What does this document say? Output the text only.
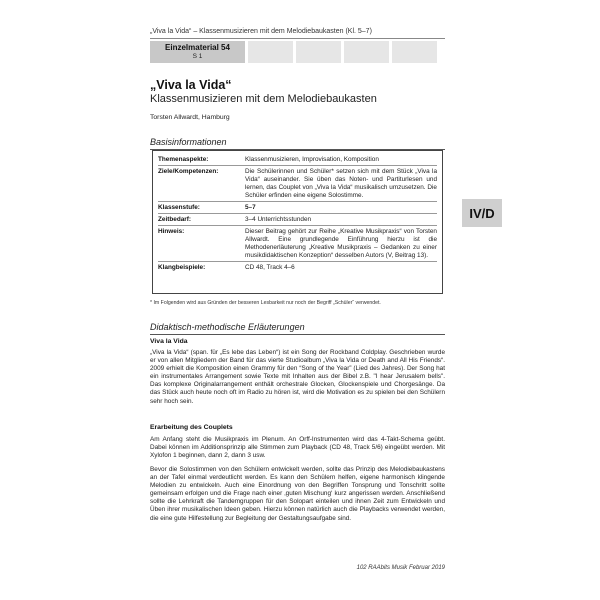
„Viva la Vida“ – Klassenmusizieren mit dem Melodiebaukasten (Kl. 5–7)
Einzelmaterial 54
S 1
„Viva la Vida“
Klassenmusizieren mit dem Melodiebaukasten
Torsten Allwardt, Hamburg
Basisinformationen
Themenaspekte:	Klassenmusizieren, Improvisation, Komposition
Ziele/Kompetenzen:	Die Schülerinnen und Schüler* setzen sich mit dem Stück „Viva la Vida“ auseinander. Sie üben das Noten- und Partiturlesen und lernen, das Couplet von „Viva la Vida“ musikalisch umzusetzen. Die Schüler erfinden eine eigene Solostimme.
Klassenstufe:	5–7
Zeitbedarf:	3–4 Unterrichtsstunden
Hinweis:	Dieser Beitrag gehört zur Reihe „Kreative Musikpraxis“ von Torsten Allwardt. Eine grundlegende Einführung hierzu ist die Methodenerläuterung „Kreative Musikpraxis – Gedanken zu einer musikdidaktischen Konzeption“ desselben Autors (V, Beitrag 13).
Klangbeispiele:	CD 48, Track 4–6
IV/D
* Im Folgenden wird aus Gründen der besseren Lesbarkeit nur noch der Begriff „Schüler“ verwendet.
Didaktisch-methodische Erläuterungen
Viva la Vida

„Viva la Vida“ (span. für „Es lebe das Leben“) ist ein Song der Rockband Coldplay. Geschrieben wurde er von allen Mitgliedern der Band für das vierte Studioalbum „Viva la Vida or Death and All His Friends“. 2009 erhielt die Komposition einen Grammy für den “Song of the Year” (Lied des Jahres). Der Song hat ein instrumentales Arrangement sowie Texte mit Inhalten aus der Bibel z.B. "I hear Jerusalem bells". Das komplexe Originalarrangement enthält orchestrale Glocken, Glockenspiele und Chorgesänge. Da das Stück auch heute noch oft im Radio zu hören ist, wird die Motivation es zu spielen bei den Schülern sehr hoch sein.

Erarbeitung des Couplets

Am Anfang steht die Musikpraxis im Plenum. An Orff-Instrumenten wird das 4-Takt-Schema geübt. Dabei können im Additionsprinzip alle Stimmen zum Playback (CD 48, Track 5/6) eingeübt werden. Mit Xylofon 1 beginnen, dann 2, dann 3 usw.

Bevor die Solostimmen von den Schülern entwickelt werden, sollte das Prinzip des Melodiebaukastens an der Tafel einmal verdeutlicht werden. Es kann den Schülern helfen, eigene harmonisch klingende Melodien zu entwickeln. Auch eine Einordnung von den Begriffen Tonsprung und Tonschritt sollte gemeinsam erfolgen und die Frage nach einer ‚guten Mischung‘ kurz angerissen werden. Anschließend sollte die Lehrkraft die Tandemgruppen für den Solopart einteilen und ihnen Zeit zum Entwickeln und Üben ihrer musikalischen Ideen geben. Hierzu können natürlich auch die Playbacks verwendet werden, die eine gute Hilfestellung zur Begleitung der Gestaltungsaufgabe sind.

102 RAAbits Musik Februar 2019
